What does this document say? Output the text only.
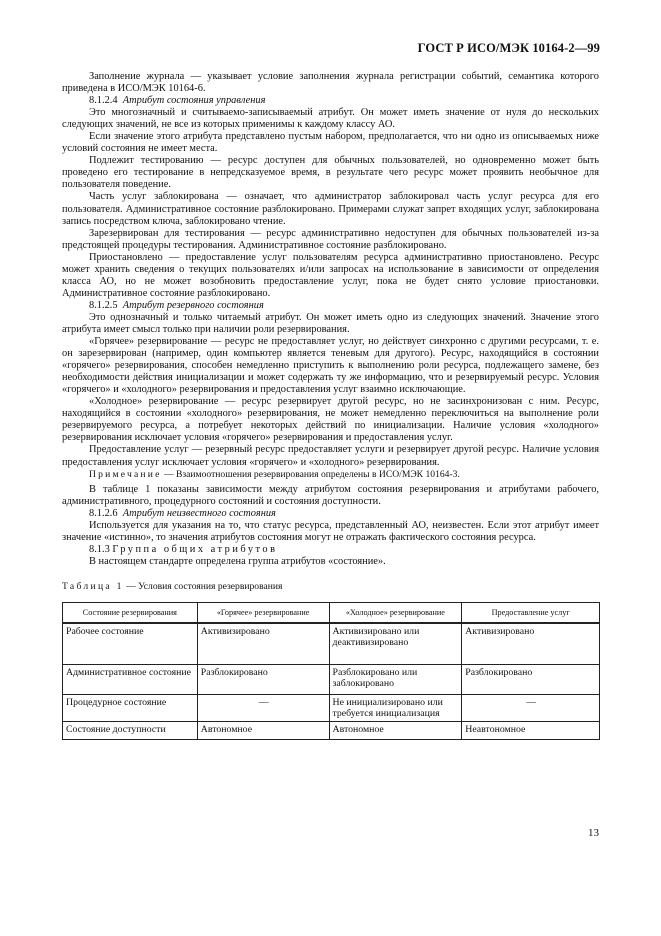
ГОСТ Р ИСО/МЭК 10164-2—99

Заполнение журнала — указывает условие заполнения журнала регистрации событий, семантика которого приведена в ИСО/МЭК 10164-6.

8.1.2.4 Атрибут состояния управления

Это многозначный и считываемо-записываемый атрибут. Он может иметь значение от нуля до нескольких следующих значений, не все из которых применимы к каждому классу АО.

Если значение этого атрибута представлено пустым набором, предполагается, что ни одно из описываемых ниже условий состояния не имеет места.

Подлежит тестированию — ресурс доступен для обычных пользователей, но одновременно может быть проведено его тестирование в непредсказуемое время, в результате чего ресурс может проявить необычное для пользователя поведение.

Часть услуг заблокирована — означает, что администратор заблокировал часть услуг ресурса для его пользователя. Административное состояние разблокировано. Примерами служат запрет входящих услуг, заблокирована запись посредством ключа, заблокировано чтение.

Зарезервирован для тестирования — ресурс административно недоступен для обычных пользователей из-за предстоящей процедуры тестирования. Административное состояние разблокировано.

Приостановлено — предоставление услуг пользователям ресурса административно приостановлено. Ресурс может хранить сведения о текущих пользователях и/или запросах на использование в зависимости от определения класса АО, но не может возобновить предоставление услуг, пока не будет снято условие приостановки. Административное состояние разблокировано.

8.1.2.5 Атрибут резервного состояния

Это однозначный и только читаемый атрибут. Он может иметь одно из следующих значений. Значение этого атрибута имеет смысл только при наличии роли резервирования.

«Горячее» резервирование — ресурс не предоставляет услуг, но действует синхронно с другими ресурсами, т. е. он зарезервирован (например, один компьютер является теневым для другого). Ресурс, находящийся в состоянии «горячего» резервирования, способен немедленно приступить к выполнению роли ресурса, подлежащего замене, без необходимости действия инициализации и может содержать ту же информацию, что и резервируемый ресурс. Условия «горячего» и «холодного» резервирования и предоставления услуг взаимно исключающие.

«Холодное» резервирование — ресурс резервирует другой ресурс, но не засинхронизован с ним. Ресурс, находящийся в состоянии «холодного» резервирования, не может немедленно переключиться на выполнение роли резервируемого ресурса, а потребует некоторых действий по инициализации. Наличие условия «холодного» резервирования исключает условия «горячего» резервирования и предоставления услуг.

Предоставление услуг — резервный ресурс предоставляет услуги и резервирует другой ресурс. Наличие условия предоставления услуг исключает условия «горячего» и «холодного» резервирования.

Примечание — Взаимоотношения резервирования определены в ИСО/МЭК 10164-3.

В таблице 1 показаны зависимости между атрибутом состояния резервирования и атрибутами рабочего, административного, процедурного состояний и состояния доступности.

8.1.2.6 Атрибут неизвестного состояния

Используется для указания на то, что статус ресурса, представленный АО, неизвестен. Если этот атрибут имеет значение «истинно», то значения атрибутов состояния могут не отражать фактического состояния ресурса.

8.1.3 Группа общих атрибутов

В настоящем стандарте определена группа атрибутов «состояние».

Таблица 1 — Условия состояния резервирования
Состояние резервирования	«Горячее» резервирование	«Холодное» резервирование	Предоставление услуг
Рабочее состояние	Активизировано	Активизировано или деактивизировано	Активизировано
Административное состояние	Разблокировано	Разблокировано или заблокировано	Разблокировано
Процедурное состояние	—	Не инициализировано или требуется инициализация	—
Состояние доступности	Автономное	Автономное	Неавтономное
13
